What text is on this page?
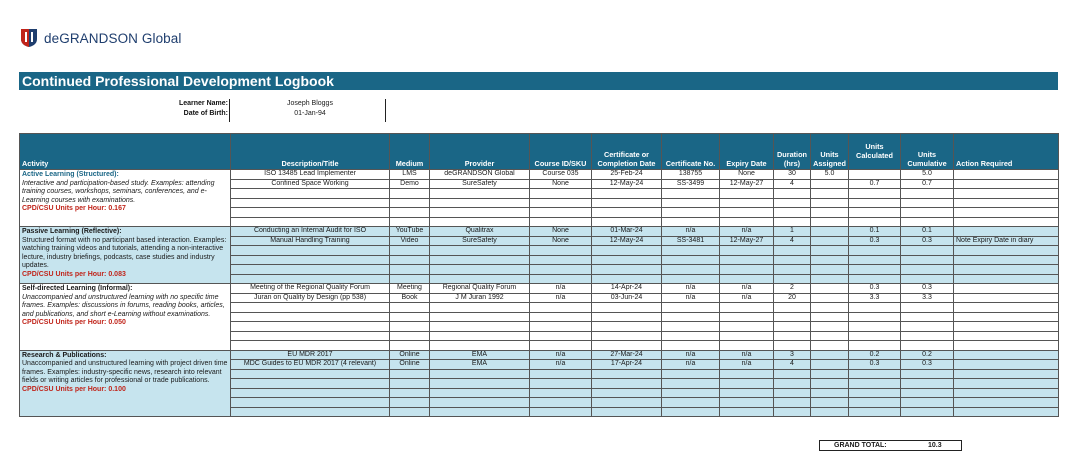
deGRANDSON Global
Continued Professional Development Logbook
Learner Name:	Joseph Bloggs
Date of Birth:	01-Jan-94
Activity	Description/Title	Medium	Provider	Course ID/SKU	Certificate or Completion Date	Certificate No.	Expiry Date	Duration (hrs)	Units Assigned	Units Calculated	Units Cumulative	Action Required

Active Learning (Structured):
Interactive and participation-based study. Examples: attending training courses, workshops, seminars, conferences, and e-Learning courses with examinations.
CPD/CSU Units per Hour: 0.167	ISO 13485 Lead Implementer	LMS	deGRANDSON Global	Course 035	25-Feb-24	138755	None	30	5.0		5.0	
	Confined Space Working	Demo	SureSafety	None	12-May-24	SS-3499	12-May-27	4		0.7	0.7	

Passive Learning (Reflective):
Structured format with no participant based interaction. Examples: watching training videos and tutorials, attending a non-interactive lecture, industry briefings, podcasts, case studies and industry updates.
CPD/CSU Units per Hour: 0.083	Conducting an Internal Audit for ISO	YouTube	Qualitrax	None	01-Mar-24	n/a	n/a	1		0.1	0.1	
	Manual Handling Training	Video	SureSafety	None	12-May-24	SS-3481	12-May-27	4		0.3	0.3	Note Expiry Date in diary

Self-directed Learning (Informal):
Unaccompanied and unstructured learning with no specific time frames. Examples: discussions in forums, reading books, articles, and publications, and short e-Learning without examinations.
CPD/CSU Units per Hour: 0.050	Meeting of the Regional Quality Forum	Meeting	Regional Quality Forum	n/a	14-Apr-24	n/a	n/a	2		0.3	0.3	
	Juran on Quality by Design (pp 538)	Book	J M Juran 1992	n/a	03-Jun-24	n/a	n/a	20		3.3	3.3	

Research & Publications:
Unaccompanied and unstructured learning with project driven time frames. Examples: industry-specific news, research into relevant fields or writing articles for professional or trade publications.
CPD/CSU Units per Hour: 0.100	EU MDR 2017	Online	EMA	n/a	27-Mar-24	n/a	n/a	3		0.2	0.2	
	MDC Guides to EU MDR 2017 (4 relevant)	Online	EMA	n/a	17-Apr-24	n/a	n/a	4		0.3	0.3	

GRAND TOTAL:	10.3
